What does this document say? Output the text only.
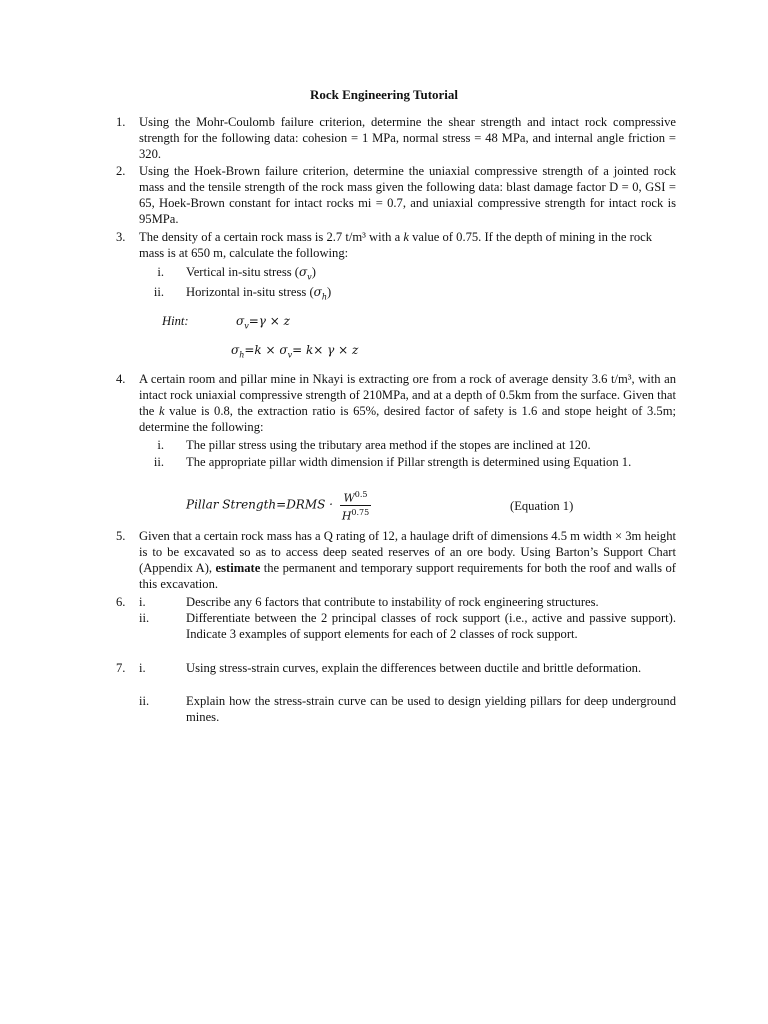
Rock Engineering Tutorial
1. Using the Mohr-Coulomb failure criterion, determine the shear strength and intact rock compressive strength for the following data: cohesion = 1 MPa, normal stress = 48 MPa, and internal angle friction = 320.
2. Using the Hoek-Brown failure criterion, determine the uniaxial compressive strength of a jointed rock mass and the tensile strength of the rock mass given the following data: blast damage factor D = 0, GSI = 65, Hoek-Brown constant for intact rocks mi = 0.7, and uniaxial compressive strength for intact rock is 95MPa.
3. The density of a certain rock mass is 2.7 t/m³ with a k value of 0.75. If the depth of mining in the rock mass is at 650 m, calculate the following:
i. Vertical in-situ stress $(\sigma_v)$
ii. Horizontal in-situ stress $(\sigma_h)$
Hint:	$\sigma_v=\gamma \times z$
$\sigma_h=k \times \sigma_v= k\times \gamma \times z$
4. A certain room and pillar mine in Nkayi is extracting ore from a rock of average density 3.6 t/m³, with an intact rock uniaxial compressive strength of 210MPa, and at a depth of 0.5km from the surface. Given that the k value is 0.8, the extraction ratio is 65%, desired factor of safety is 1.6 and stope height of 3.5m; determine the following:
i. The pillar stress using the tributary area method if the stopes are inclined at 120.
ii. The appropriate pillar width dimension if Pillar strength is determined using Equation 1.
Pillar Strength=DRMS · $\frac{W^{0.5}}{H^{0.75}}$	(Equation 1)
5. Given that a certain rock mass has a Q rating of 12, a haulage drift of dimensions 4.5 m width × 3m height is to be excavated so as to access deep seated reserves of an ore body. Using Barton’s Support Chart (Appendix A), estimate the permanent and temporary support requirements for both the roof and walls of this excavation.
6. i.	Describe any 6 factors that contribute to instability of rock engineering structures.
ii.	Differentiate between the 2 principal classes of rock support (i.e., active and passive support). Indicate 3 examples of support elements for each of 2 classes of rock support.
7. i.	Using stress-strain curves, explain the differences between ductile and brittle deformation.
ii.	Explain how the stress-strain curve can be used to design yielding pillars for deep underground mines.
